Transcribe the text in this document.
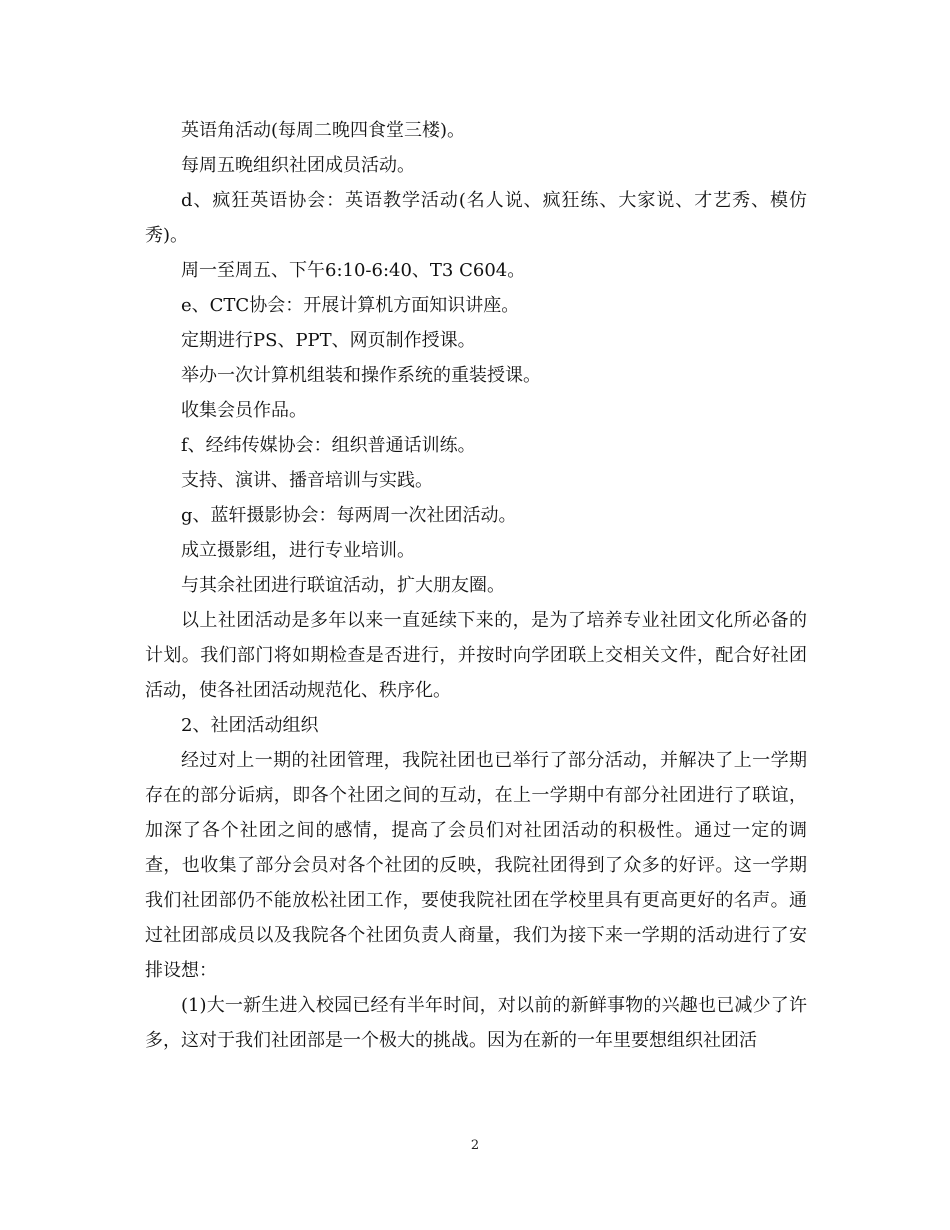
英语角活动(每周二晚四食堂三楼)。

每周五晚组织社团成员活动。

d、疯狂英语协会：英语教学活动(名人说、疯狂练、大家说、才艺秀、模仿秀)。

周一至周五、下午6:10-6:40、T3 C604。

e、CTC协会：开展计算机方面知识讲座。

定期进行PS、PPT、网页制作授课。

举办一次计算机组装和操作系统的重装授课。

收集会员作品。

f、经纬传媒协会：组织普通话训练。

支持、演讲、播音培训与实践。

g、蓝轩摄影协会：每两周一次社团活动。

成立摄影组，进行专业培训。

与其余社团进行联谊活动，扩大朋友圈。

以上社团活动是多年以来一直延续下来的，是为了培养专业社团文化所必备的计划。我们部门将如期检查是否进行，并按时向学团联上交相关文件，配合好社团活动，使各社团活动规范化、秩序化。

2、社团活动组织

经过对上一期的社团管理，我院社团也已举行了部分活动，并解决了上一学期存在的部分诟病，即各个社团之间的互动，在上一学期中有部分社团进行了联谊，加深了各个社团之间的感情，提高了会员们对社团活动的积极性。通过一定的调查，也收集了部分会员对各个社团的反映，我院社团得到了众多的好评。这一学期我们社团部仍不能放松社团工作，要使我院社团在学校里具有更高更好的名声。通过社团部成员以及我院各个社团负责人商量，我们为接下来一学期的活动进行了安排设想：

(1)大一新生进入校园已经有半年时间，对以前的新鲜事物的兴趣也已减少了许多，这对于我们社团部是一个极大的挑战。因为在新的一年里要想组织社团活

2
